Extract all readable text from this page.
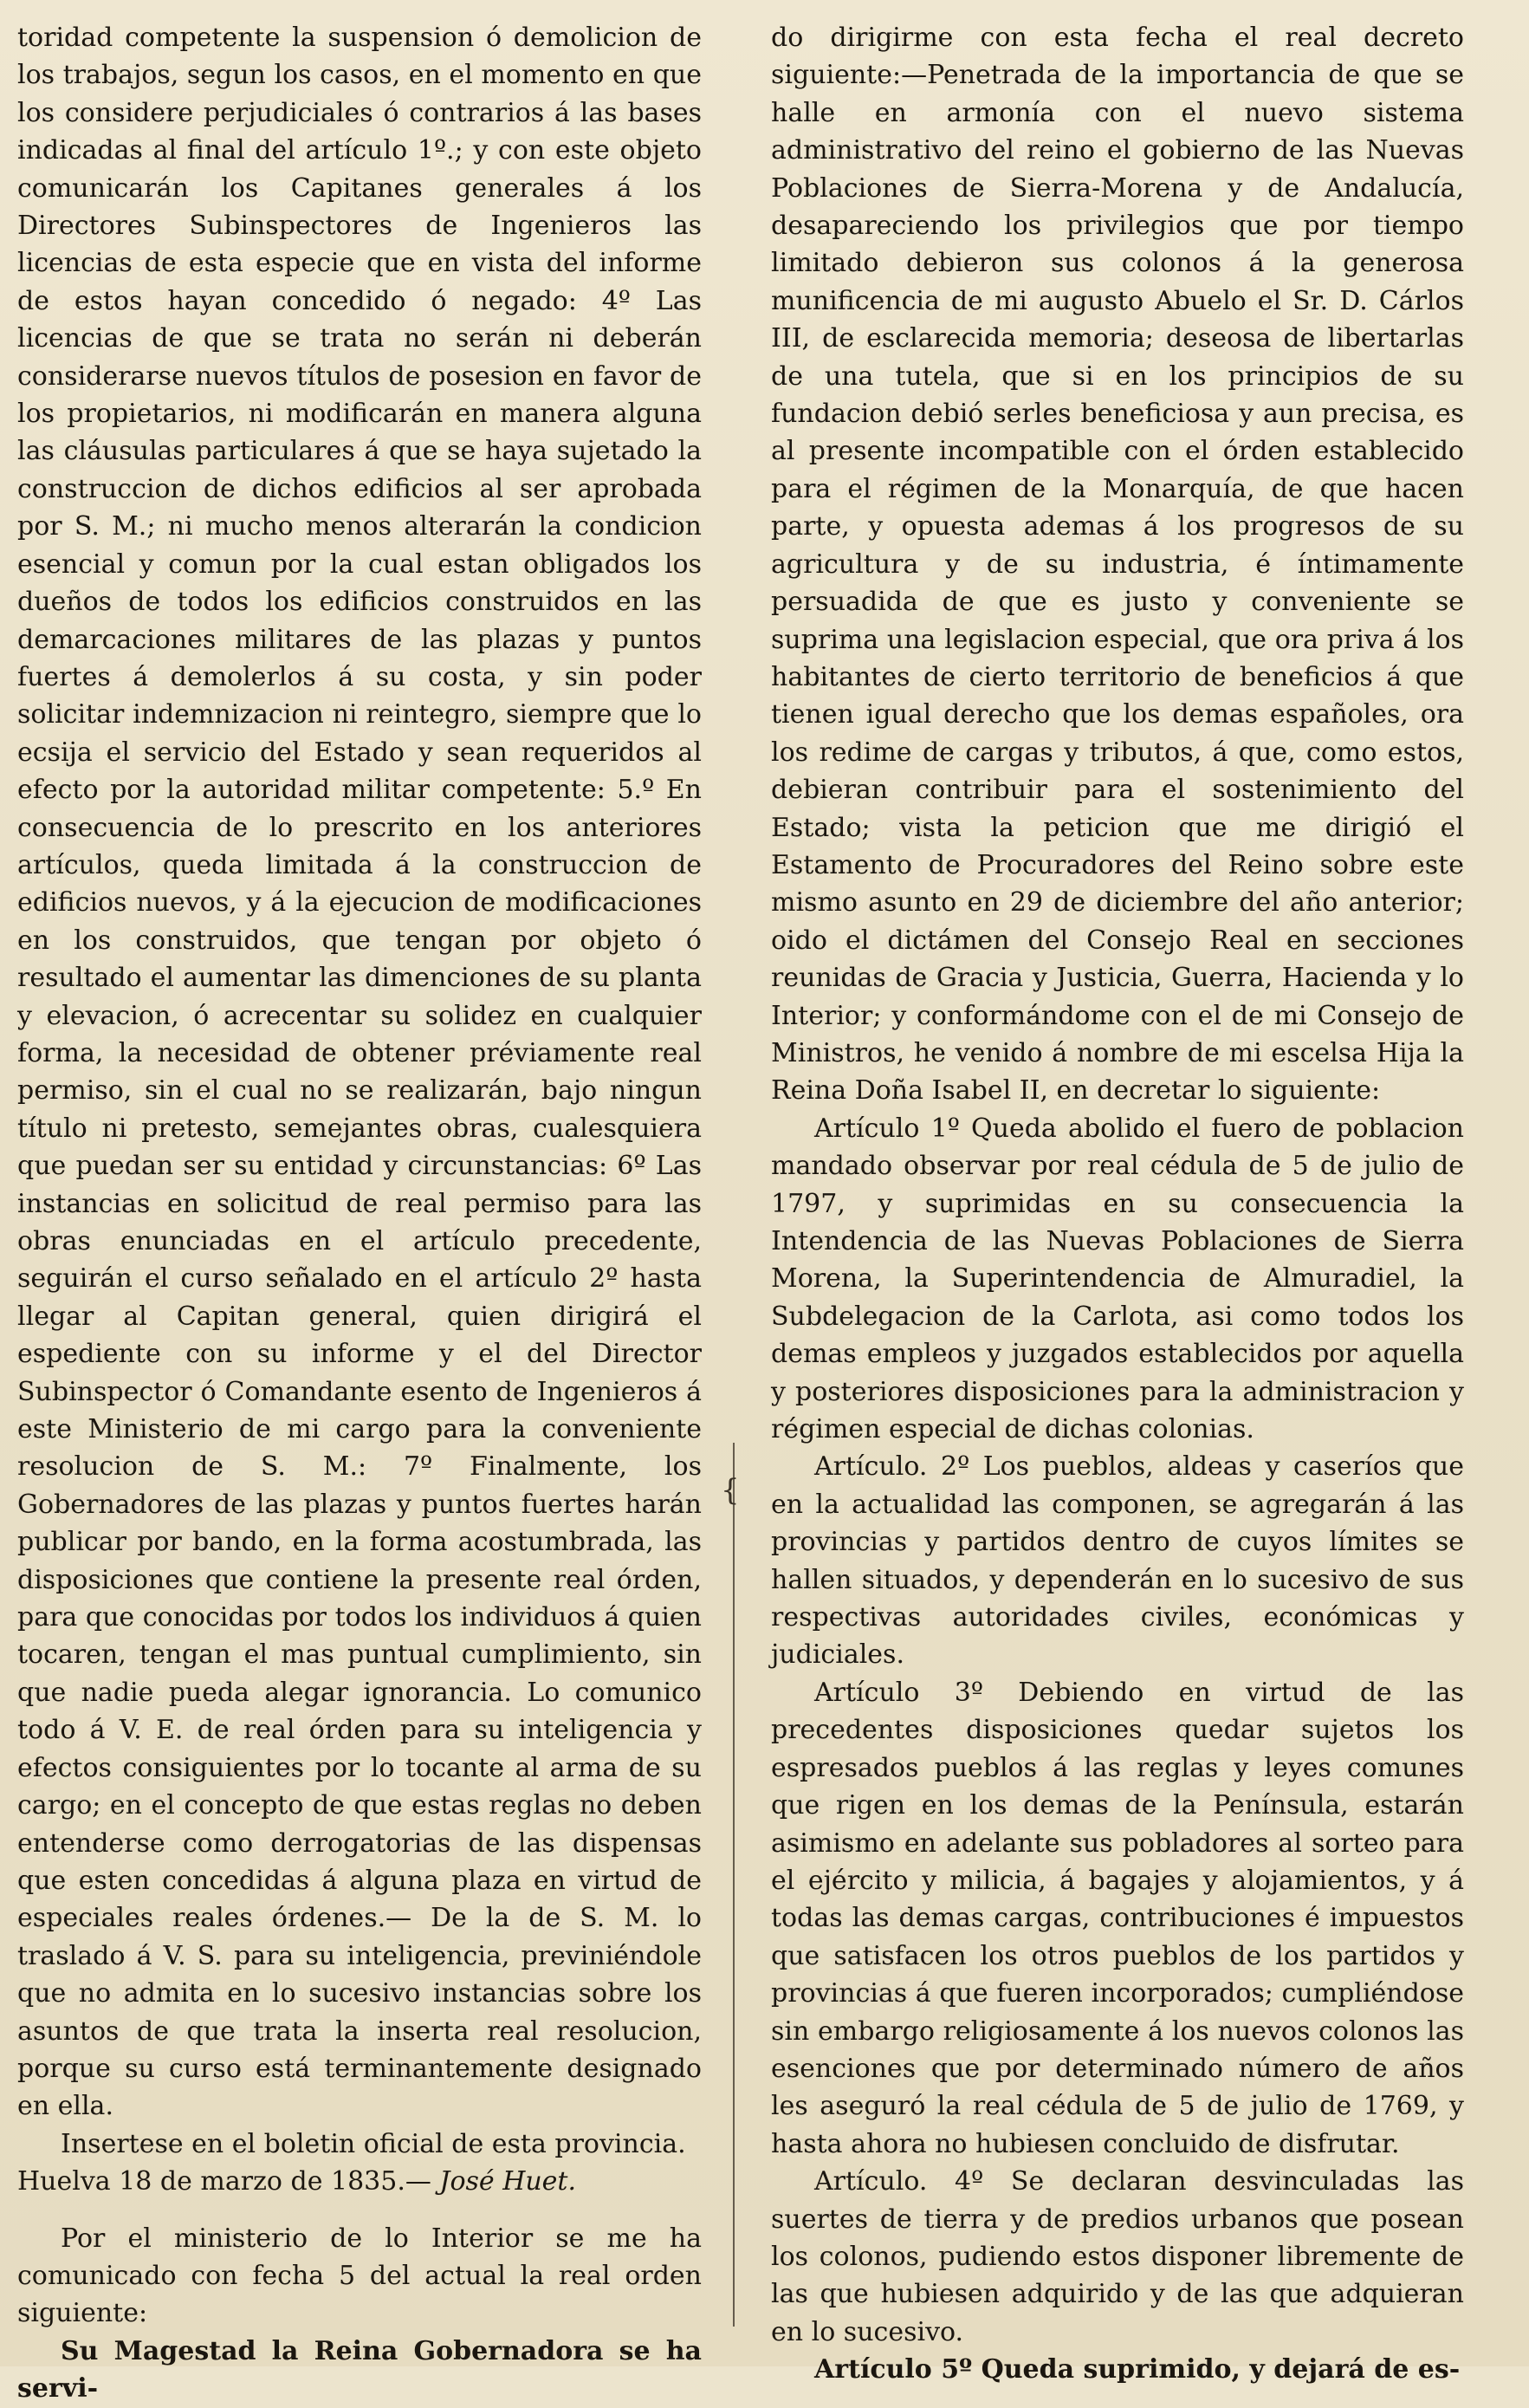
toridad competente la suspension ó demolicion de los trabajos, segun los casos, en el momento en que los considere perjudiciales ó contrarios á las bases indicadas al final del artículo 1º.; y con este objeto comunicarán los Capitanes generales á los Directores Subinspectores de Ingenieros las licencias de esta especie que en vista del informe de estos hayan concedido ó negado: 4º Las licencias de que se trata no serán ni deberán considerarse nuevos títulos de posesion en favor de los propietarios, ni modificarán en manera alguna las cláusulas particulares á que se haya sujetado la construccion de dichos edificios al ser aprobada por S. M.; ni mucho menos alterarán la condicion esencial y comun por la cual estan obligados los dueños de todos los edificios construidos en las demarcaciones militares de las plazas y puntos fuertes á demolerlos á su costa, y sin poder solicitar indemnizacion ni reintegro, siempre que lo ecsija el servicio del Estado y sean requeridos al efecto por la autoridad militar competente: 5.º En consecuencia de lo prescrito en los anteriores artículos, queda limitada á la construccion de edificios nuevos, y á la ejecucion de modificaciones en los construidos, que tengan por objeto ó resultado el aumentar las dimenciones de su planta y elevacion, ó acrecentar su solidez en cualquier forma, la necesidad de obtener préviamente real permiso, sin el cual no se realizarán, bajo ningun título ni pretesto, semejantes obras, cualesquiera que puedan ser su entidad y circunstancias: 6º Las instancias en solicitud de real permiso para las obras enunciadas en el artículo precedente, seguirán el curso señalado en el artículo 2º hasta llegar al Capitan general, quien dirigirá el espediente con su informe y el del Director Subinspector ó Comandante esento de Ingenieros á este Ministerio de mi cargo para la conveniente resolucion de S. M.: 7º Finalmente, los Gobernadores de las plazas y puntos fuertes harán publicar por bando, en la forma acostumbrada, las disposiciones que contiene la presente real órden, para que conocidas por todos los individuos á quien tocaren, tengan el mas puntual cumplimiento, sin que nadie pueda alegar ignorancia. Lo comunico todo á V. E. de real órden para su inteligencia y efectos consiguientes por lo tocante al arma de su cargo; en el concepto de que estas reglas no deben entenderse como derrogatorias de las dispensas que esten concedidas á alguna plaza en virtud de especiales reales órdenes.— De la de S. M. lo traslado á V. S. para su inteligencia, previniéndole que no admita en lo sucesivo instancias sobre los asuntos de que trata la inserta real resolucion, porque su curso está terminantemente designado en ella.

Insertese en el boletin oficial de esta provincia.

Huelva 18 de marzo de 1835.— José Huet.

Por el ministerio de lo Interior se me ha comunicado con fecha 5 del actual la real orden siguiente:

Su Magestad la Reina Gobernadora se ha servi-

{

do dirigirme con esta fecha el real decreto siguiente:—Penetrada de la importancia de que se halle en armonía con el nuevo sistema administrativo del reino el gobierno de las Nuevas Poblaciones de Sierra-Morena y de Andalucía, desapareciendo los privilegios que por tiempo limitado debieron sus colonos á la generosa munificencia de mi augusto Abuelo el Sr. D. Cárlos III, de esclarecida memoria; deseosa de libertarlas de una tutela, que si en los principios de su fundacion debió serles beneficiosa y aun precisa, es al presente incompatible con el órden establecido para el régimen de la Monarquía, de que hacen parte, y opuesta ademas á los progresos de su agricultura y de su industria, é íntimamente persuadida de que es justo y conveniente se suprima una legislacion especial, que ora priva á los habitantes de cierto territorio de beneficios á que tienen igual derecho que los demas españoles, ora los redime de cargas y tributos, á que, como estos, debieran contribuir para el sostenimiento del Estado; vista la peticion que me dirigió el Estamento de Procuradores del Reino sobre este mismo asunto en 29 de diciembre del año anterior; oido el dictámen del Consejo Real en secciones reunidas de Gracia y Justicia, Guerra, Hacienda y lo Interior; y conformándome con el de mi Consejo de Ministros, he venido á nombre de mi escelsa Hija la Reina Doña Isabel II, en decretar lo siguiente:

Artículo 1º Queda abolido el fuero de poblacion mandado observar por real cédula de 5 de julio de 1797, y suprimidas en su consecuencia la Intendencia de las Nuevas Poblaciones de Sierra Morena, la Superintendencia de Almuradiel, la Subdelegacion de la Carlota, asi como todos los demas empleos y juzgados establecidos por aquella y posteriores disposiciones para la administracion y régimen especial de dichas colonias.

Artículo. 2º Los pueblos, aldeas y caseríos que en la actualidad las componen, se agregarán á las provincias y partidos dentro de cuyos límites se hallen situados, y dependerán en lo sucesivo de sus respectivas autoridades civiles, económicas y judiciales.

Artículo 3º Debiendo en virtud de las precedentes disposiciones quedar sujetos los espresados pueblos á las reglas y leyes comunes que rigen en los demas de la Península, estarán asimismo en adelante sus pobladores al sorteo para el ejército y milicia, á bagajes y alojamientos, y á todas las demas cargas, contribuciones é impuestos que satisfacen los otros pueblos de los partidos y provincias á que fueren incorporados; cumpliéndose sin embargo religiosamente á los nuevos colonos las esenciones que por determinado número de años les aseguró la real cédula de 5 de julio de 1769, y hasta ahora no hubiesen concluido de disfrutar.

Artículo. 4º Se declaran desvinculadas las suertes de tierra y de predios urbanos que posean los colonos, pudiendo estos disponer libremente de las que hubiesen adquirido y de las que adquieran en lo sucesivo.

Artículo 5º Queda suprimido, y dejará de es-
